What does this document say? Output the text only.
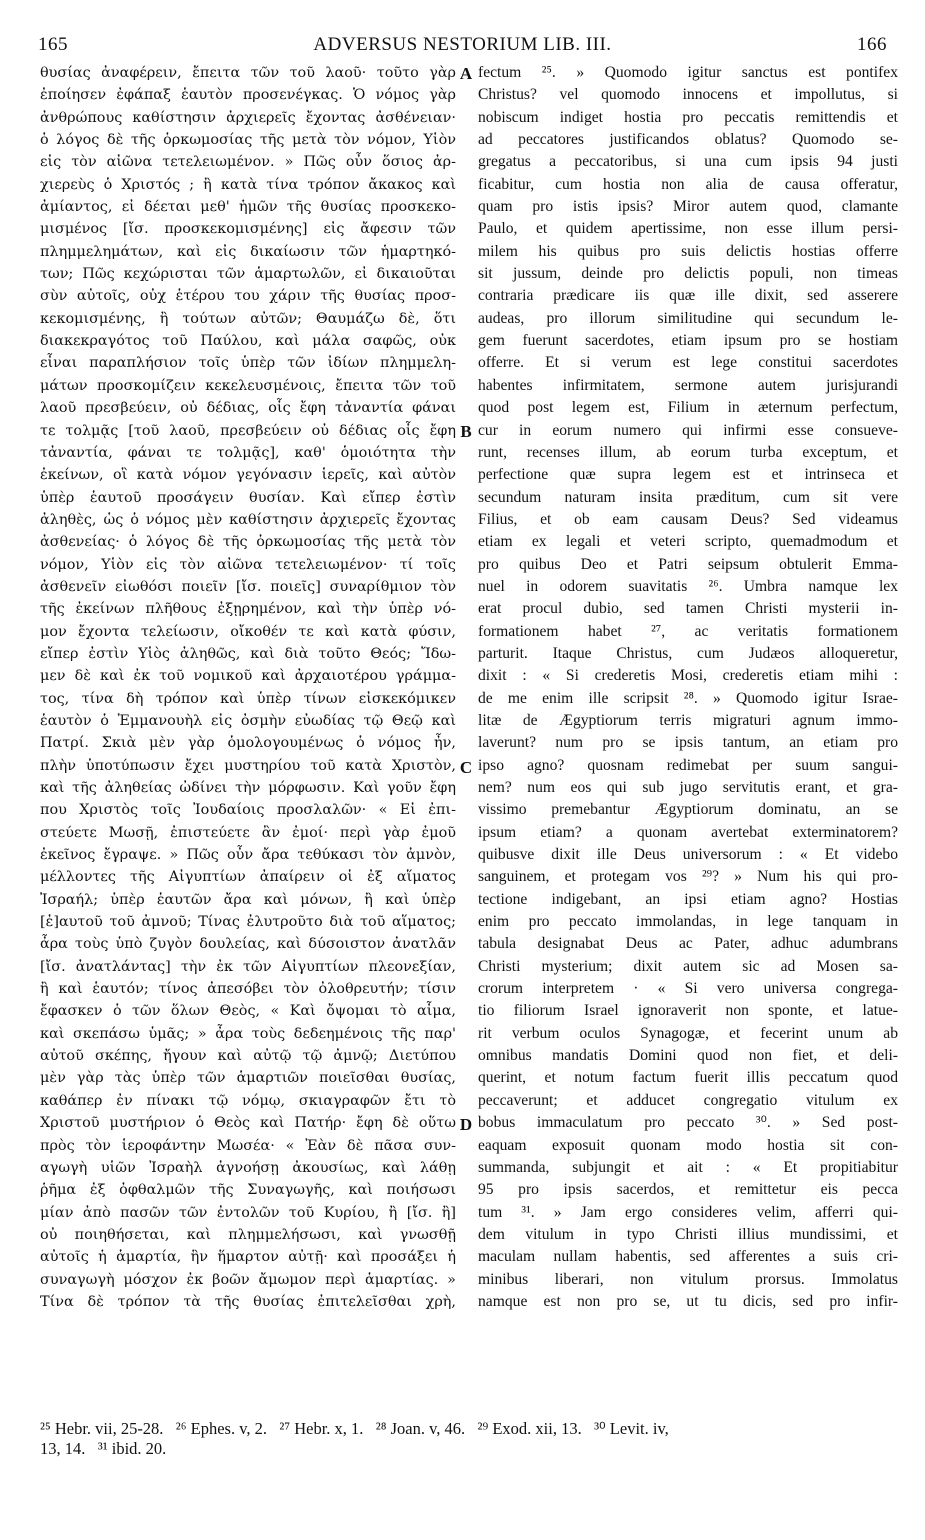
165	ADVERSUS NESTORIUM LIB. III.	166
θυσίας ἀναφέρειν, ἔπειτα τῶν τοῦ λαοῦ· τοῦτο γὰρ
ἐποίησεν ἐφάπαξ ἑαυτὸν προσενέγκας. Ὁ νόμος γὰρ
ἀνθρώπους καθίστησιν ἀρχιερεῖς ἔχοντας ἀσθένειαν·
ὁ λόγος δὲ τῆς ὁρκωμοσίας τῆς μετὰ τὸν νόμον, Υἱὸν
εἰς τὸν αἰῶνα τετελειωμένον. » Πῶς οὖν ὅσιος ἀρ-
χιερεὺς ὁ Χριστός ; ἢ κατὰ τίνα τρόπον ἄκακος καὶ
ἀμίαντος, εἰ δέεται μεθ' ἡμῶν τῆς θυσίας προσκεκο-
μισμένος [ἴσ. προσκεκομισμένης] εἰς ἄφεσιν τῶν
πλημμελημάτων, καὶ εἰς δικαίωσιν τῶν ἡμαρτηκό-
των; Πῶς κεχώρισται τῶν ἁμαρτωλῶν, εἰ δικαιοῦται
σὺν αὐτοῖς, οὐχ ἑτέρου του χάριν τῆς θυσίας προσ-
κεκομισμένης, ἢ τούτων αὐτῶν; Θαυμάζω δὲ, ὅτι
διακεκραγότος τοῦ Παύλου, καὶ μάλα σαφῶς, οὐκ
εἶναι παραπλήσιον τοῖς ὑπὲρ τῶν ἰδίων πλημμελη-
μάτων προσκομίζειν κεκελευσμένοις, ἔπειτα τῶν τοῦ
λαοῦ πρεσβεύειν, οὐ δέδιας, οἷς ἔφη τἀναντία φάναι
τε τολμᾷς [τοῦ λαοῦ, πρεσβεύειν οὐ δέδιας οἷς ἔφη
τἀναντία, φάναι τε τολμᾷς], καθ' ὁμοιότητα τὴν
ἐκείνων, οἳ κατὰ νόμον γεγόνασιν ἱερεῖς, καὶ αὐτὸν
ὑπὲρ ἑαυτοῦ προσάγειν θυσίαν. Καὶ εἴπερ ἐστὶν
ἀληθὲς, ὡς ὁ νόμος μὲν καθίστησιν ἀρχιερεῖς ἔχοντας
ἀσθενείας· ὁ λόγος δὲ τῆς ὁρκωμοσίας τῆς μετὰ τὸν
νόμον, Υἱὸν εἰς τὸν αἰῶνα τετελειωμένον· τί τοῖς
ἀσθενεῖν εἰωθόσι ποιεῖν [ἴσ. ποιεῖς] συναρίθμιον τὸν
τῆς ἐκείνων πλῆθους ἐξῃρημένον, καὶ τὴν ὑπὲρ νό-
μον ἔχοντα τελείωσιν, οἴκοθέν τε καὶ κατὰ φύσιν,
εἴπερ ἐστὶν Υἱὸς ἀληθῶς, καὶ διὰ τοῦτο Θεός; Ἴδω-
μεν δὲ καὶ ἐκ τοῦ νομικοῦ καὶ ἀρχαιοτέρου γράμμα-
τος, τίνα δὴ τρόπον καὶ ὑπὲρ τίνων εἰσκεκόμικεν
ἑαυτὸν ὁ Ἐμμανουὴλ εἰς ὀσμὴν εὐωδίας τῷ Θεῷ καὶ
Πατρί. Σκιὰ μὲν γὰρ ὁμολογουμένως ὁ νόμος ἦν,
πλὴν ὑποτύπωσιν ἔχει μυστηρίου τοῦ κατὰ Χριστὸν,
καὶ τῆς ἀληθείας ὠδίνει τὴν μόρφωσιν. Καὶ γοῦν ἔφη
που Χριστὸς τοῖς Ἰουδαίοις προσλαλῶν· « Εἰ ἐπι-
στεύετε Μωσῇ, ἐπιστεύετε ἂν ἐμοί· περὶ γὰρ ἐμοῦ
ἐκεῖνος ἔγραψε. » Πῶς οὖν ἄρα τεθύκασι τὸν ἀμνὸν,
μέλλοντες τῆς Αἰγυπτίων ἀπαίρειν οἱ ἐξ αἵματος
Ἰσραήλ; ὑπὲρ ἑαυτῶν ἄρα καὶ μόνων, ἢ καὶ ὑπὲρ
[ἐ]αυτοῦ τοῦ ἀμνοῦ; Τίνας ἐλυτροῦτο διὰ τοῦ αἵματος;
ἆρα τοὺς ὑπὸ ζυγὸν δουλείας, καὶ δύσοιστον ἀνατλᾶν
[ἴσ. ἀνατλάντας] τὴν ἐκ τῶν Αἰγυπτίων πλεονεξίαν,
ἢ καὶ ἑαυτόν; τίνος ἀπεσόβει τὸν ὀλοθρευτήν; τίσιν
ἔφασκεν ὁ τῶν ὅλων Θεὸς, « Καὶ ὄψομαι τὸ αἷμα,
καὶ σκεπάσω ὑμᾶς; » ἆρα τοὺς δεδεημένοις τῆς παρ'
αὐτοῦ σκέπης, ἤγουν καὶ αὐτῷ τῷ ἀμνῷ; Διετύπου
μὲν γὰρ τὰς ὑπὲρ τῶν ἁμαρτιῶν ποιεῖσθαι θυσίας,
καθάπερ ἐν πίνακι τῷ νόμῳ, σκιαγραφῶν ἔτι τὸ
Χριστοῦ μυστήριον ὁ Θεὸς καὶ Πατήρ· ἔφη δὲ οὕτω
πρὸς τὸν ἱεροφάντην Μωσέα· « Ἐὰν δὲ πᾶσα συν-
αγωγὴ υἱῶν Ἰσραὴλ ἀγνοήσῃ ἀκουσίως, καὶ λάθῃ
ῥῆμα ἐξ ὀφθαλμῶν τῆς Συναγωγῆς, καὶ ποιήσωσι
μίαν ἀπὸ πασῶν τῶν ἐντολῶν τοῦ Κυρίου, ἢ [ἴσ. ἢ]
οὐ ποιηθήσεται, καὶ πλημμελήσωσι, καὶ γνωσθῇ
αὐτοῖς ἡ ἁμαρτία, ἣν ἥμαρτον αὐτῇ· καὶ προσάξει ἡ
συναγωγὴ μόσχον ἐκ βοῶν ἄμωμον περὶ ἁμαρτίας. »
Τίνα δὲ τρόπον τὰ τῆς θυσίας ἐπιτελεῖσθαι χρὴ,
fectum ²⁵. » Quomodo igitur sanctus est pontifex
Christus? vel quomodo innocens et impollutus, si
nobiscum indiget hostia pro peccatis remittendis et
ad peccatores justificandos oblatus? Quomodo se-
gregatus a peccatoribus, si una cum ipsis 94 justi
ficabitur, cum hostia non alia de causa offeratur,
quam pro istis ipsis? Miror autem quod, clamante
Paulo, et quidem apertissime, non esse illum persi-
milem his quibus pro suis delictis hostias offerre
sit jussum, deinde pro delictis populi, non timeas
contraria prædicare iis quæ ille dixit, sed asserere
audeas, pro illorum similitudine qui secundum le-
gem fuerunt sacerdotes, etiam ipsum pro se hostiam
offerre. Et si verum est lege constitui sacerdotes
habentes infirmitatem, sermone autem jurisjurandi
quod post legem est, Filium in æternum perfectum,
cur in eorum numero qui infirmi esse consueve-
runt, recenses illum, ab eorum turba exceptum, et
perfectione quæ supra legem est et intrinseca et
secundum naturam insita præditum, cum sit vere
Filius, et ob eam causam Deus? Sed videamus
etiam ex legali et veteri scripto, quemadmodum et
pro quibus Deo et Patri seipsum obtulerit Emma-
nuel in odorem suavitatis ²⁶. Umbra namque lex
erat procul dubio, sed tamen Christi mysterii in-
formationem habet ²⁷, ac veritatis formationem
parturit. Itaque Christus, cum Judæos alloqueretur,
dixit : « Si crederetis Mosi, crederetis etiam mihi :
de me enim ille scripsit ²⁸. » Quomodo igitur Israe-
litæ de Ægyptiorum terris migraturi agnum immo-
laverunt? num pro se ipsis tantum, an etiam pro
ipso agno? quosnam redimebat per suum sangui-
nem? num eos qui sub jugo servitutis erant, et gra-
vissimo premebantur Ægyptiorum dominatu, an se
ipsum etiam? a quonam avertebat exterminatorem?
quibusve dixit ille Deus universorum : « Et videbo
sanguinem, et protegam vos ²⁹? » Num his qui pro-
tectione indigebant, an ipsi etiam agno? Hostias
enim pro peccato immolandas, in lege tanquam in
tabula designabat Deus ac Pater, adhuc adumbrans
Christi mysterium; dixit autem sic ad Mosen sa-
crorum interpretem · « Si vero universa congrega-
tio filiorum Israel ignoraverit non sponte, et latue-
rit verbum oculos Synagogæ, et fecerint unum ab
omnibus mandatis Domini quod non fiet, et deli-
querint, et notum factum fuerit illis peccatum quod
peccaverunt; et adducet congregatio vitulum ex
bobus immaculatum pro peccato ³⁰. » Sed post-
eaquam exposuit quonam modo hostia sit con-
summanda, subjungit et ait : « Et propitiabitur
95 pro ipsis sacerdos, et remittetur eis pecca
tum ³¹. » Jam ergo consideres velim, afferri qui-
dem vitulum in typo Christi illius mundissimi, et
maculam nullam habentis, sed afferentes a suis cri-
minibus liberari, non vitulum prorsus. Immolatus
namque est non pro se, ut tu dicis, sed pro infir-
A
B
C
D
²⁵ Hebr. vii, 25-28.   ²⁶ Ephes. v, 2.   ²⁷ Hebr. x, 1.   ²⁸ Joan. v, 46.   ²⁹ Exod. xii, 13.   ³⁰ Levit. iv,
13, 14.   ³¹ ibid. 20.
